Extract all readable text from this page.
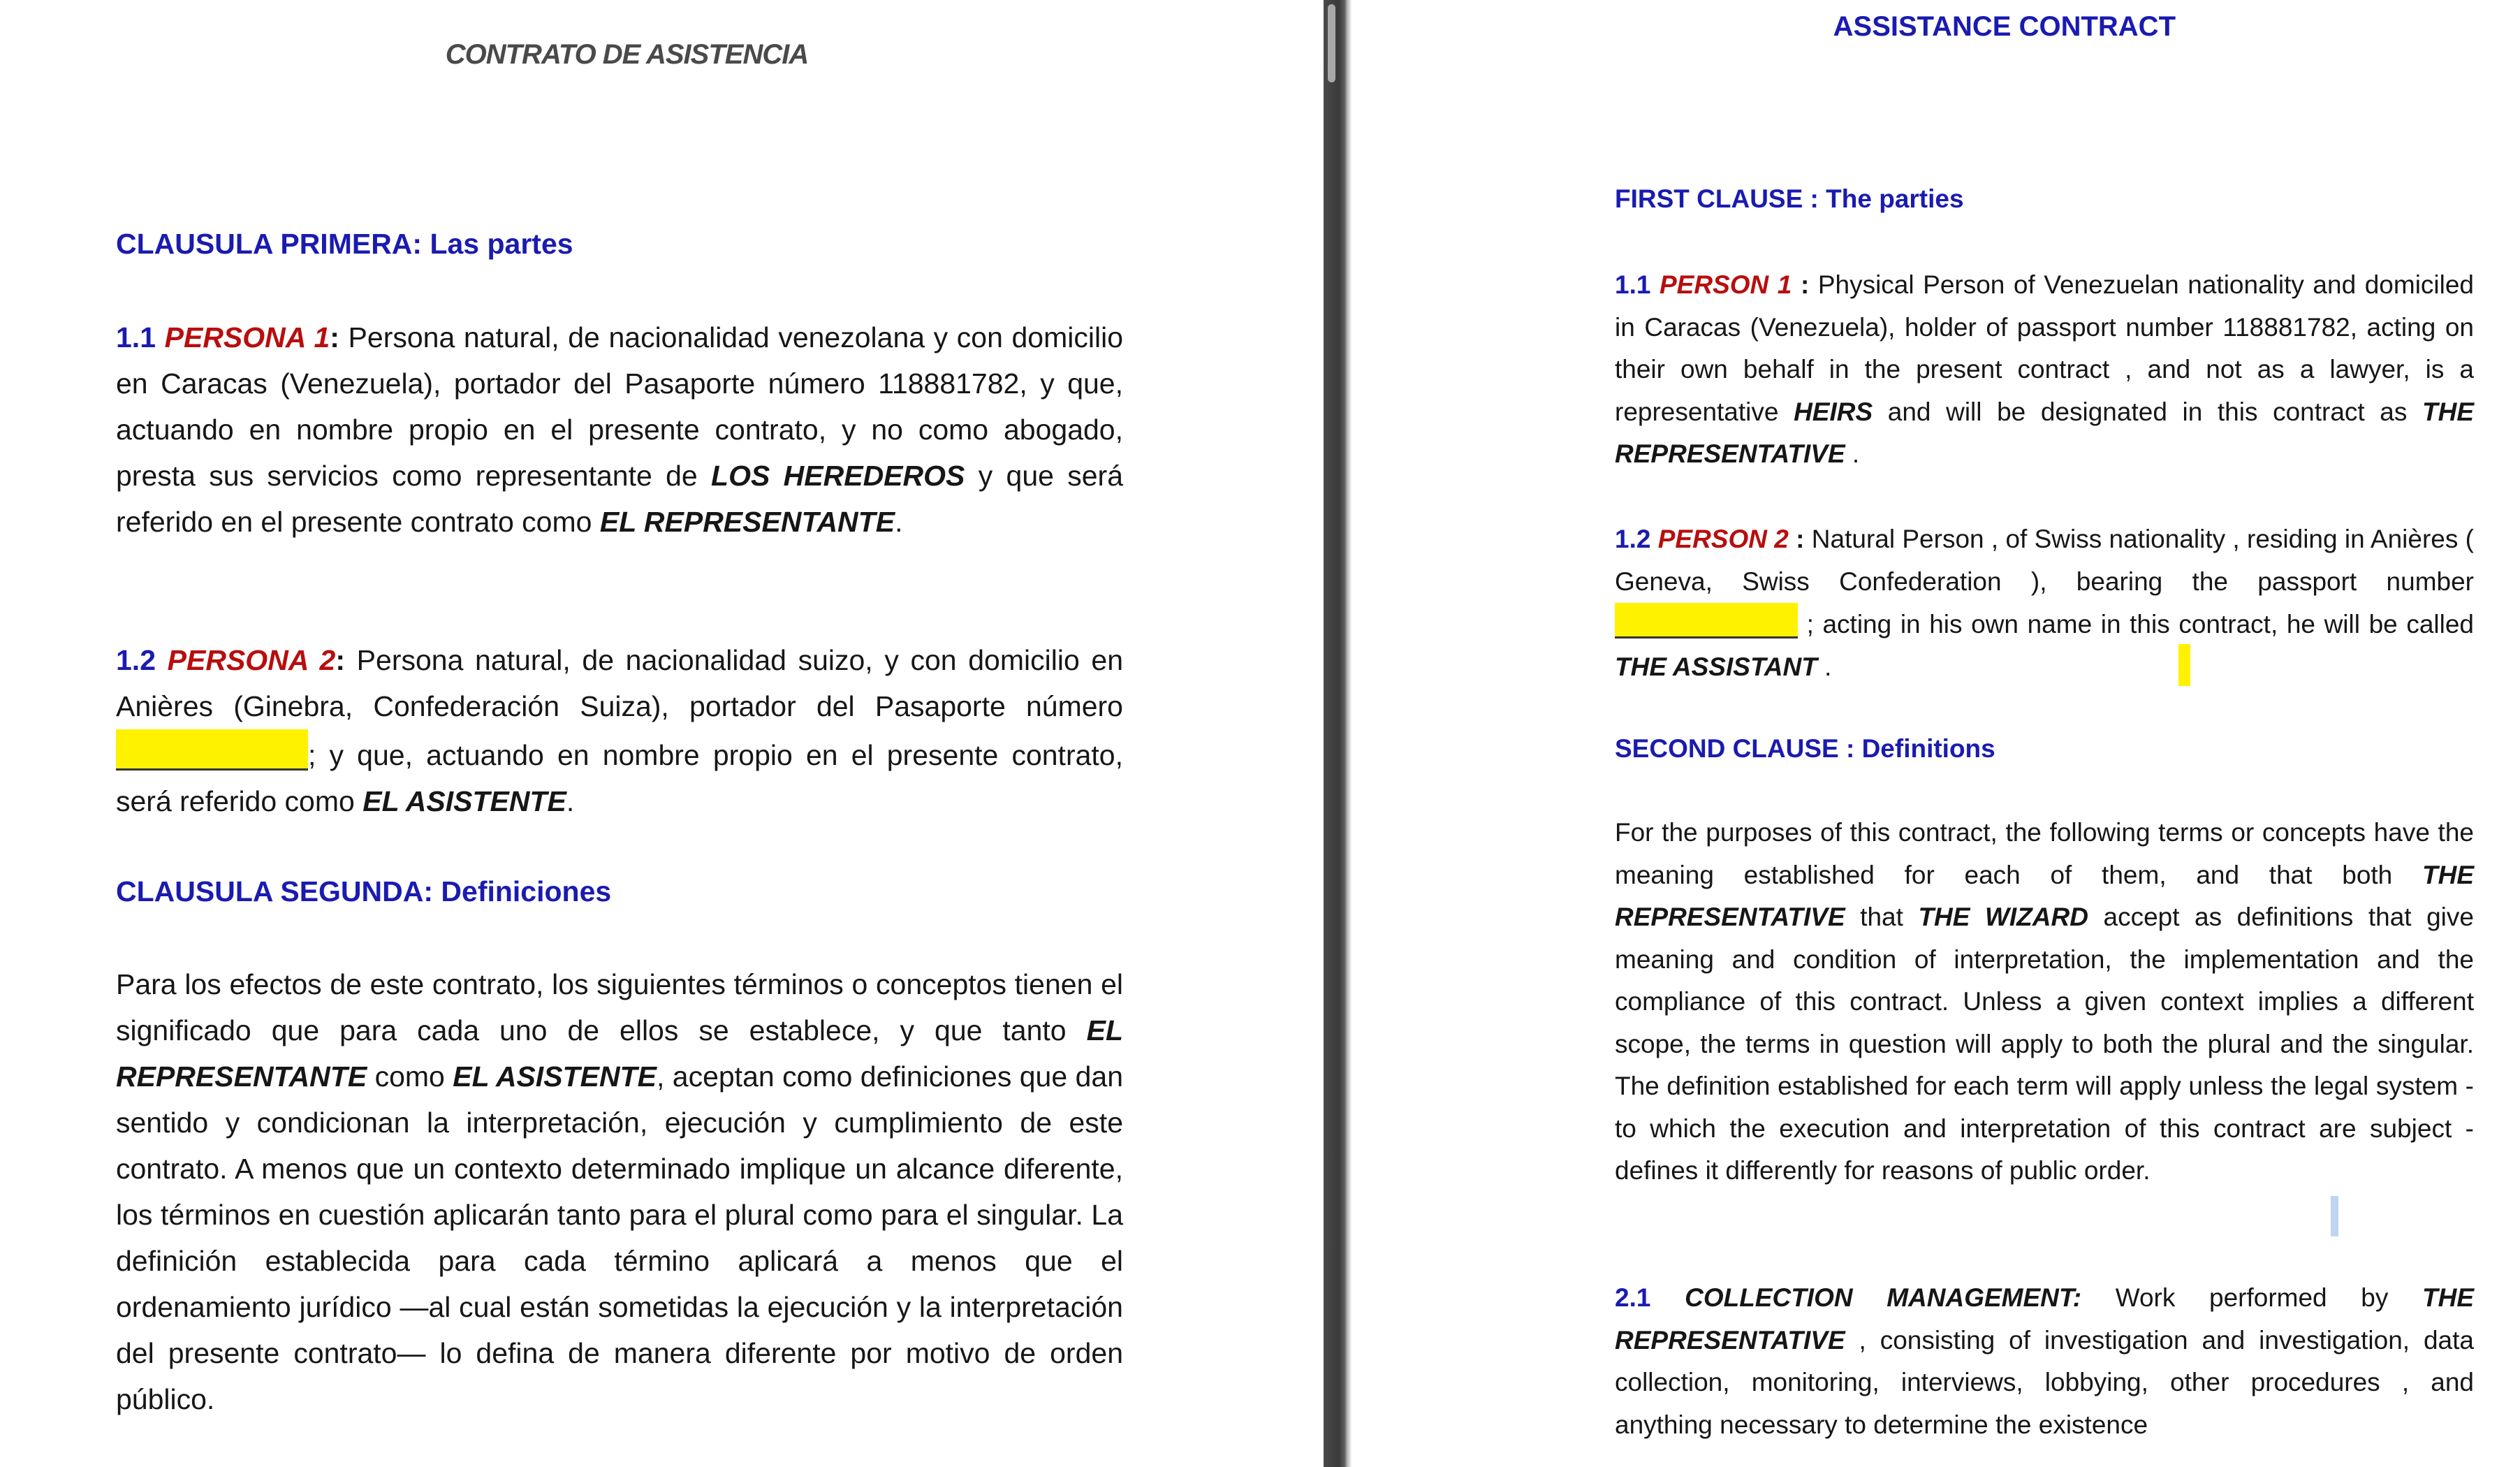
CONTRATO DE ASISTENCIA
CLAUSULA PRIMERA: Las partes

1.1 PERSONA 1: Persona natural, de nacionalidad venezolana y con domicilio en Caracas (Venezuela), portador del Pasaporte número 118881782, y que, actuando en nombre propio en el presente contrato, y no como abogado, presta sus servicios como representante de LOS HEREDEROS y que será referido en el presente contrato como EL REPRESENTANTE.

1.2 PERSONA 2: Persona natural, de nacionalidad suizo, y con domicilio en Anières (Ginebra, Confederación Suiza), portador del Pasaporte número ; y que, actuando en nombre propio en el presente contrato, será referido como EL ASISTENTE.

CLAUSULA SEGUNDA: Definiciones

Para los efectos de este contrato, los siguientes términos o conceptos tienen el significado que para cada uno de ellos se establece, y que tanto EL REPRESENTANTE como EL ASISTENTE, aceptan como definiciones que dan sentido y condicionan la interpretación, ejecución y cumplimiento de este contrato. A menos que un contexto determinado implique un alcance diferente, los términos en cuestión aplicarán tanto para el plural como para el singular. La definición establecida para cada término aplicará a menos que el ordenamiento jurídico —al cual están sometidas la ejecución y la interpretación del presente contrato— lo defina de manera diferente por motivo de orden público.

ASSISTANCE CONTRACT
FIRST CLAUSE : The parties

1.1 PERSON 1 : Physical Person of Venezuelan nationality and domiciled in Caracas (Venezuela), holder of passport number 118881782, acting on their own behalf in the present contract , and not as a lawyer, is a representative HEIRS and will be designated in this contract as THE REPRESENTATIVE .

1.2 PERSON 2 : Natural Person , of Swiss nationality , residing in Anières ( Geneva, Swiss Confederation ), bearing the passport number  ; acting in his own name in this contract, he will be called THE ASSISTANT .

SECOND CLAUSE : Definitions

For the purposes of this contract, the following terms or concepts have the meaning established for each of them, and that both THE REPRESENTATIVE that THE WIZARD accept as definitions that give meaning and condition of interpretation, the implementation and the compliance of this contract. Unless a given context implies a different scope, the terms in question will apply to both the plural and the singular. The definition established for each term will apply unless the legal system - to which the execution and interpretation of this contract are subject - defines it differently for reasons of public order.

2.1 COLLECTION MANAGEMENT: Work performed by THE REPRESENTATIVE , consisting of investigation and investigation, data collection, monitoring, interviews, lobbying, other procedures , and anything necessary to determine the existence
